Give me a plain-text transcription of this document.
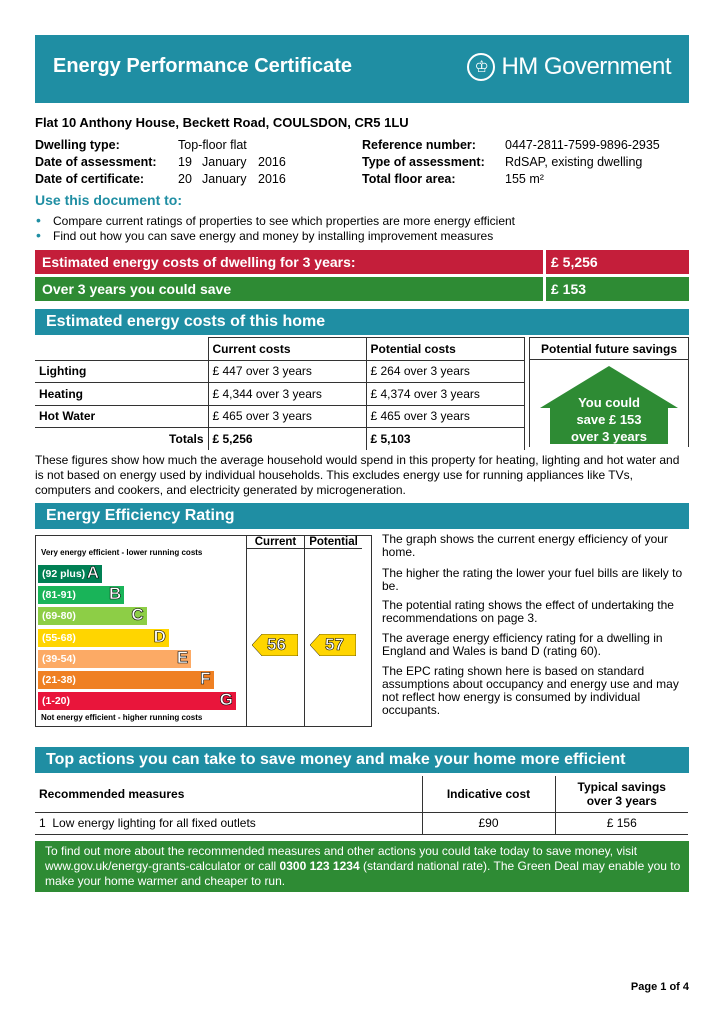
Energy Performance Certificate	♔ HM Government
Flat 10 Anthony House, Beckett Road, COULSDON, CR5 1LU
Dwelling type:	Top-floor flat
Date of assessment: 19 January 2016
Date of certificate:	20 January 2016
Reference number: 0447-2811-7599-9896-2935
Type of assessment: RdSAP, existing dwelling
Total floor area:	155 m²
Use this document to:
• Compare current ratings of properties to see which properties are more energy efficient
• Find out how you can save energy and money by installing improvement measures
Estimated energy costs of dwelling for 3 years:	£ 5,256
Over 3 years you could save	£ 153
Estimated energy costs of this home
	Current costs	Potential costs
Lighting	£ 447 over 3 years	£ 264 over 3 years
Heating	£ 4,344 over 3 years	£ 4,374 over 3 years
Hot Water	£ 465 over 3 years	£ 465 over 3 years
Totals	£ 5,256	£ 5,103
Potential future savings
You could
save £ 153
over 3 years
These figures show how much the average household would spend in this property for heating, lighting and hot water and is not based on energy used by individual households. This excludes energy use for running appliances like TVs, computers and cookers, and electricity generated by microgeneration.
Energy Efficiency Rating
Very energy efficient - lower running costs
Not energy efficient - higher running costs
(92 plus) A
(81-91) B
(69-80)	C
(55-68)	D
(39-54)	E
(21-38)	F
(1-20)	G
Current	Potential
56 57
The graph shows the current energy efficiency of your home.
The higher the rating the lower your fuel bills are likely to be.
The potential rating shows the effect of undertaking the recommendations on page 3.
The average energy efficiency rating for a dwelling in England and Wales is band D (rating 60).
The EPC rating shown here is based on standard assumptions about occupancy and energy use and may not reflect how energy is consumed by individual occupants.
Top actions you can take to save money and make your home more efficient
Recommended measures	Indicative cost	Typical savings
over 3 years

1 Low energy lighting for all fixed outlets	£90	£ 156
To find out more about the recommended measures and other actions you could take today to save money, visit
www.gov.uk/energy-grants-calculator or call 0300 123 1234 (standard national rate). The Green Deal may enable you to
make your home warmer and cheaper to run.
Page 1 of 4
